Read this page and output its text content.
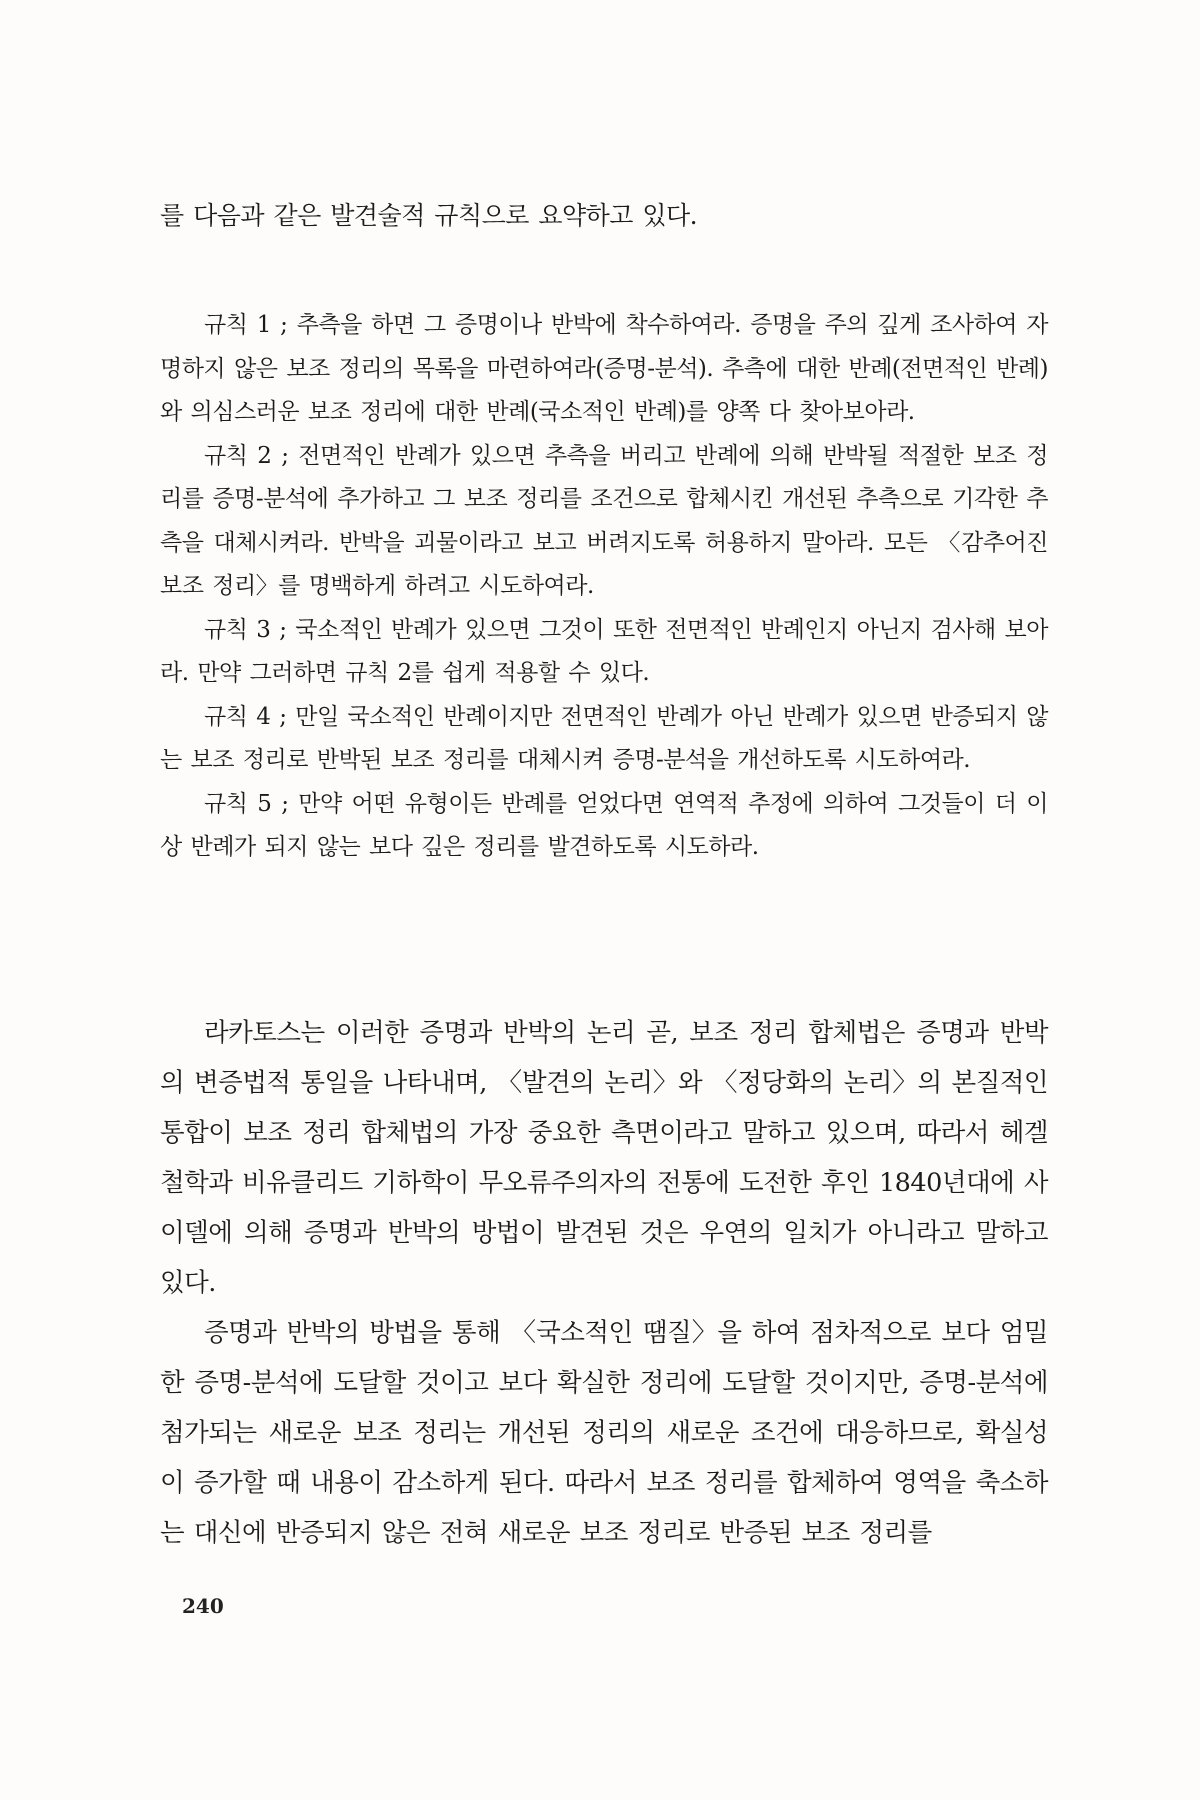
를 다음과 같은 발견술적 규칙으로 요약하고 있다.

규칙 1 ; 추측을 하면 그 증명이나 반박에 착수하여라. 증명을 주의 깊게 조사하여 자명하지 않은 보조 정리의 목록을 마련하여라(증명-분석). 추측에 대한 반례(전면적인 반례)와 의심스러운 보조 정리에 대한 반례(국소적인 반례)를 양쪽 다 찾아보아라.

규칙 2 ; 전면적인 반례가 있으면 추측을 버리고 반례에 의해 반박될 적절한 보조 정리를 증명-분석에 추가하고 그 보조 정리를 조건으로 합체시킨 개선된 추측으로 기각한 추측을 대체시켜라. 반박을 괴물이라고 보고 버려지도록 허용하지 말아라. 모든 〈감추어진 보조 정리〉를 명백하게 하려고 시도하여라.

규칙 3 ; 국소적인 반례가 있으면 그것이 또한 전면적인 반례인지 아닌지 검사해 보아라. 만약 그러하면 규칙 2를 쉽게 적용할 수 있다.

규칙 4 ; 만일 국소적인 반례이지만 전면적인 반례가 아닌 반례가 있으면 반증되지 않는 보조 정리로 반박된 보조 정리를 대체시켜 증명-분석을 개선하도록 시도하여라.

규칙 5 ; 만약 어떤 유형이든 반례를 얻었다면 연역적 추정에 의하여 그것들이 더 이상 반례가 되지 않는 보다 깊은 정리를 발견하도록 시도하라.

라카토스는 이러한 증명과 반박의 논리 곧, 보조 정리 합체법은 증명과 반박의 변증법적 통일을 나타내며, 〈발견의 논리〉와 〈정당화의 논리〉의 본질적인 통합이 보조 정리 합체법의 가장 중요한 측면이라고 말하고 있으며, 따라서 헤겔 철학과 비유클리드 기하학이 무오류주의자의 전통에 도전한 후인 1840년대에 사이델에 의해 증명과 반박의 방법이 발견된 것은 우연의 일치가 아니라고 말하고 있다.

증명과 반박의 방법을 통해 〈국소적인 땜질〉을 하여 점차적으로 보다 엄밀한 증명-분석에 도달할 것이고 보다 확실한 정리에 도달할 것이지만, 증명-분석에 첨가되는 새로운 보조 정리는 개선된 정리의 새로운 조건에 대응하므로, 확실성이 증가할 때 내용이 감소하게 된다. 따라서 보조 정리를 합체하여 영역을 축소하는 대신에 반증되지 않은 전혀 새로운 보조 정리로 반증된 보조 정리를

240
